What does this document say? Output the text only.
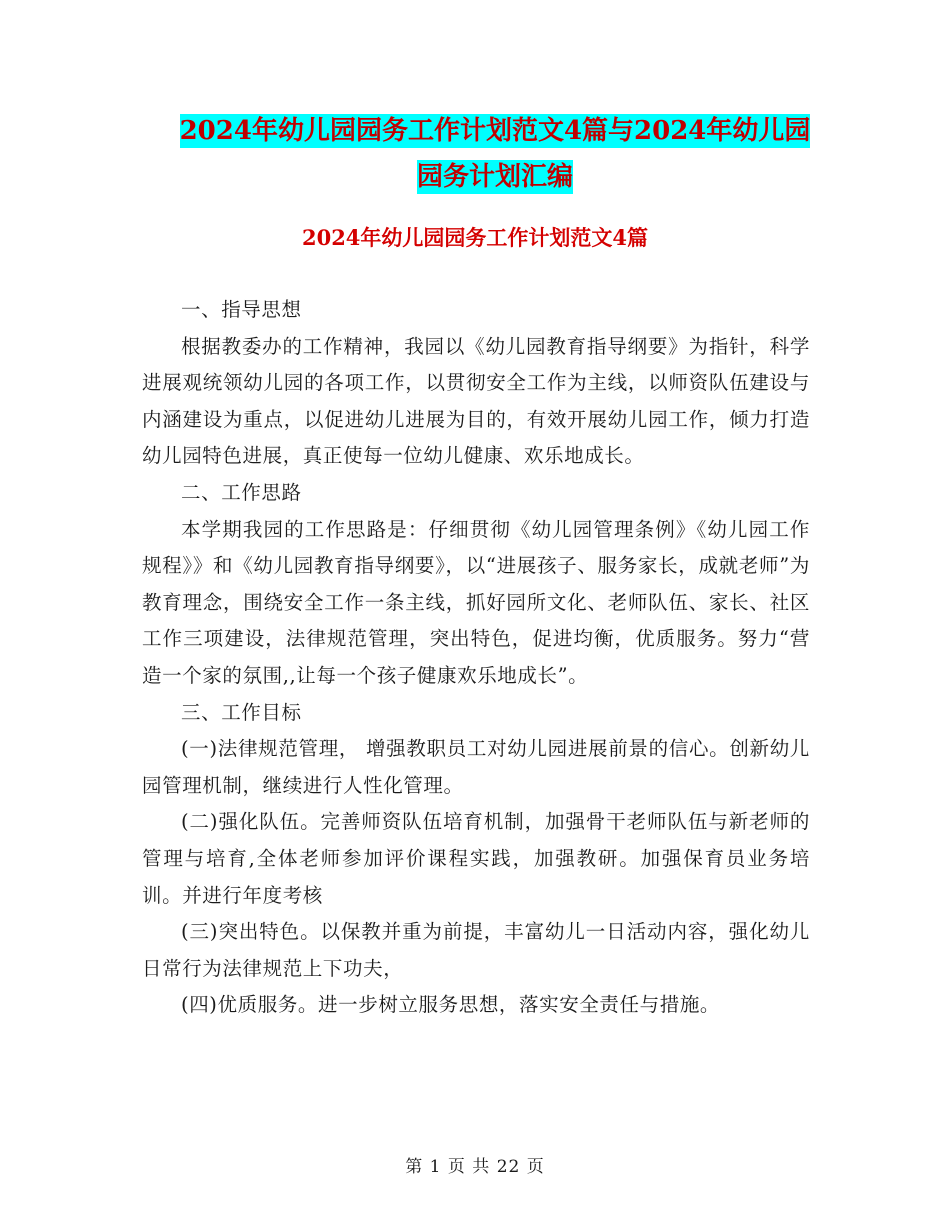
2024年幼儿园园务工作计划范文4篇与2024年幼儿园
园务计划汇编
2024年幼儿园园务工作计划范文4篇

一、指导思想

根据教委办的工作精神，我园以《幼儿园教育指导纲要》为指针，科学进展观统领幼儿园的各项工作，以贯彻安全工作为主线，以师资队伍建设与内涵建设为重点，以促进幼儿进展为目的，有效开展幼儿园工作，倾力打造幼儿园特色进展，真正使每一位幼儿健康、欢乐地成长。

二、工作思路

本学期我园的工作思路是：仔细贯彻《幼儿园管理条例》《幼儿园工作规程》》和《幼儿园教育指导纲要》，以“进展孩子、服务家长，成就老师”为教育理念，围绕安全工作一条主线，抓好园所文化、老师队伍、家长、社区工作三项建设，法律规范管理，突出特色，促进均衡，优质服务。努力“营造一个家的氛围,,让每一个孩子健康欢乐地成长”。

三、工作目标

(一)法律规范管理， 增强教职员工对幼儿园进展前景的信心。创新幼儿园管理机制，继续进行人性化管理。

(二)强化队伍。完善师资队伍培育机制，加强骨干老师队伍与新老师的管理与培育,全体老师参加评价课程实践，加强教研。加强保育员业务培训。并进行年度考核

(三)突出特色。以保教并重为前提，丰富幼儿一日活动内容，强化幼儿日常行为法律规范上下功夫，

(四)优质服务。进一步树立服务思想，落实安全责任与措施。

第 1 页 共 22 页
